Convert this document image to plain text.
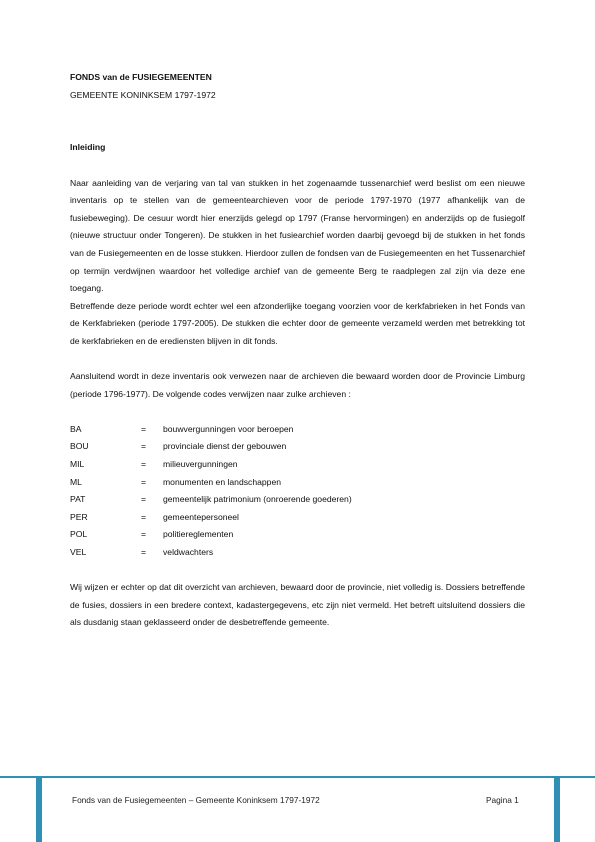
FONDS van de FUSIEGEMEENTEN

GEMEENTE KONINKSEM 1797-1972

Inleiding

Naar aanleiding van de verjaring van tal van stukken in het zogenaamde tussenarchief werd beslist om een nieuwe inventaris op te stellen van de gemeentearchieven voor de periode 1797-1970 (1977 afhankelijk van de fusiebeweging). De cesuur wordt hier enerzijds gelegd op 1797 (Franse hervormingen) en anderzijds op de fusiegolf (nieuwe structuur onder Tongeren). De stukken in het fusiearchief worden daarbij gevoegd bij de stukken in het fonds van de Fusiegemeenten en de losse stukken. Hierdoor zullen de fondsen van de Fusiegemeenten en het Tussenarchief op termijn verdwijnen waardoor het volledige archief van de gemeente Berg te raadplegen zal zijn via deze ene toegang.

Betreffende deze periode wordt echter wel een afzonderlijke toegang voorzien voor de kerkfabrieken in het Fonds van de Kerkfabrieken (periode 1797-2005). De stukken die echter door de gemeente verzameld werden met betrekking tot de kerkfabrieken en de erediensten blijven in dit fonds.

Aansluitend wordt in deze inventaris ook verwezen naar de archieven die bewaard worden door de Provincie Limburg (periode 1796-1977). De volgende codes verwijzen naar zulke archieven :

BA	=	bouwvergunningen voor beroepen
BOU	=	provinciale dienst der gebouwen
MIL	=	milieuvergunningen
ML	=	monumenten en landschappen
PAT	=	gemeentelijk patrimonium (onroerende goederen)
PER	=	gemeentepersoneel
POL	=	politiereglementen
VEL	=	veldwachters

Wij wijzen er echter op dat dit overzicht van archieven, bewaard door de provincie, niet volledig is. Dossiers betreffende de fusies, dossiers in een bredere context, kadastergegevens, etc zijn niet vermeld. Het betreft uitsluitend dossiers die als dusdanig staan geklasseerd onder de desbetreffende gemeente.

Fonds van de Fusiegemeenten – Gemeente Koninksem 1797-1972	Pagina 1
